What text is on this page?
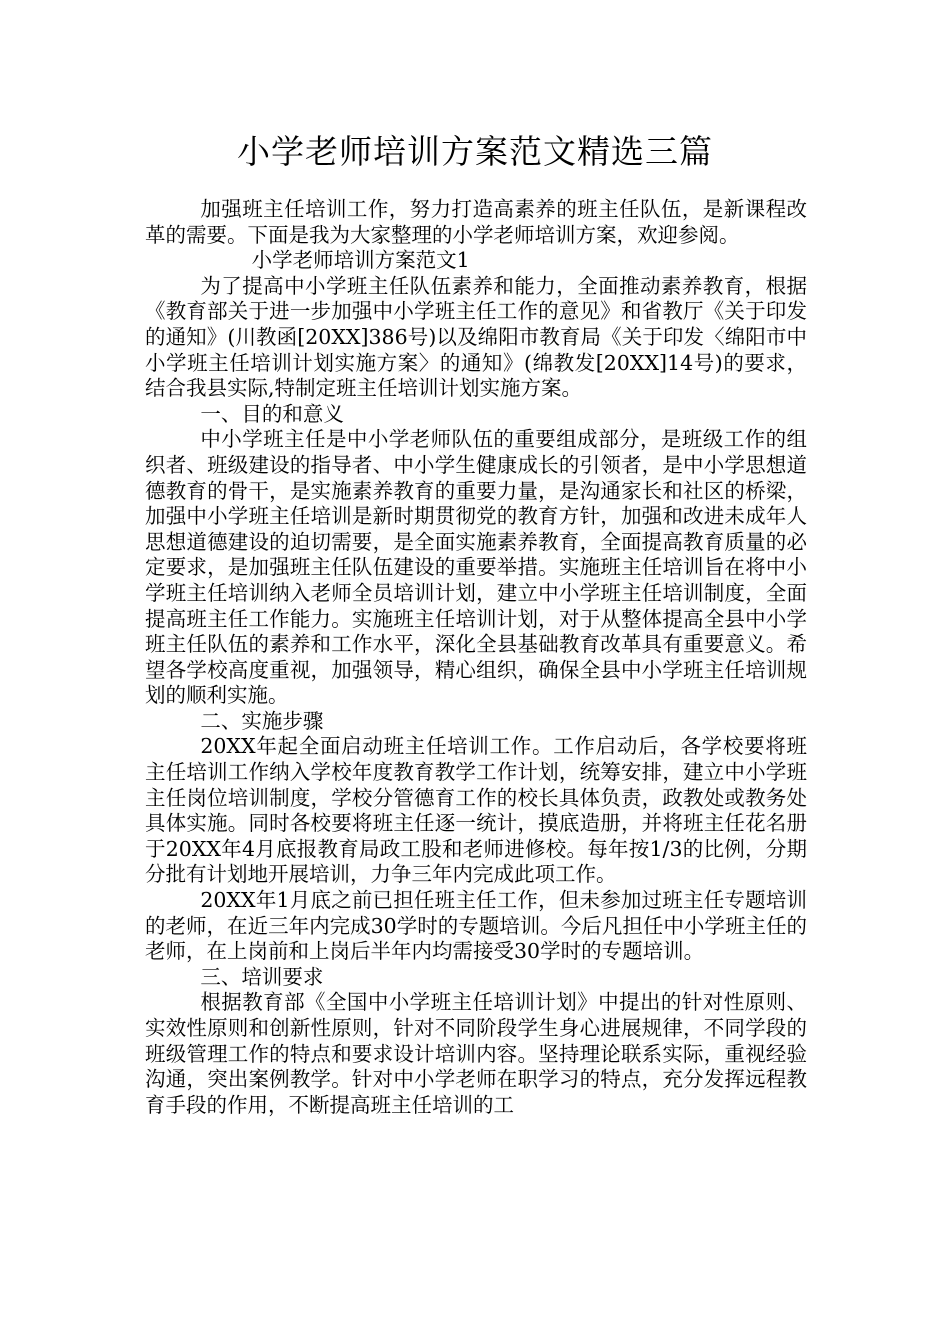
小学老师培训方案范文精选三篇

加强班主任培训工作，努力打造高素养的班主任队伍，是新课程改革的需要。下面是我为大家整理的小学老师培训方案，欢迎参阅。

小学老师培训方案范文1

为了提高中小学班主任队伍素养和能力，全面推动素养教育，根据《教育部关于进一步加强中小学班主任工作的意见》和省教厅《关于印发的通知》(川教函[20XX]386号)以及绵阳市教育局《关于印发〈绵阳市中小学班主任培训计划实施方案〉的通知》(绵教发[20XX]14号)的要求，结合我县实际,特制定班主任培训计划实施方案。

一、目的和意义

中小学班主任是中小学老师队伍的重要组成部分，是班级工作的组织者、班级建设的指导者、中小学生健康成长的引领者，是中小学思想道德教育的骨干，是实施素养教育的重要力量，是沟通家长和社区的桥梁，加强中小学班主任培训是新时期贯彻党的教育方针，加强和改进未成年人思想道德建设的迫切需要，是全面实施素养教育，全面提高教育质量的必定要求，是加强班主任队伍建设的重要举措。实施班主任培训旨在将中小学班主任培训纳入老师全员培训计划，建立中小学班主任培训制度，全面提高班主任工作能力。实施班主任培训计划，对于从整体提高全县中小学班主任队伍的素养和工作水平，深化全县基础教育改革具有重要意义。希望各学校高度重视，加强领导，精心组织，确保全县中小学班主任培训规划的顺利实施。

二、实施步骤

20XX年起全面启动班主任培训工作。工作启动后，各学校要将班主任培训工作纳入学校年度教育教学工作计划，统筹安排，建立中小学班主任岗位培训制度，学校分管德育工作的校长具体负责，政教处或教务处具体实施。同时各校要将班主任逐一统计，摸底造册，并将班主任花名册于20XX年4月底报教育局政工股和老师进修校。每年按1/3的比例，分期分批有计划地开展培训，力争三年内完成此项工作。

20XX年1月底之前已担任班主任工作，但未参加过班主任专题培训的老师，在近三年内完成30学时的专题培训。今后凡担任中小学班主任的老师，在上岗前和上岗后半年内均需接受30学时的专题培训。

三、培训要求

根据教育部《全国中小学班主任培训计划》中提出的针对性原则、实效性原则和创新性原则，针对不同阶段学生身心进展规律，不同学段的班级管理工作的特点和要求设计培训内容。坚持理论联系实际，重视经验沟通，突出案例教学。针对中小学老师在职学习的特点，充分发挥远程教育手段的作用，不断提高班主任培训的工
